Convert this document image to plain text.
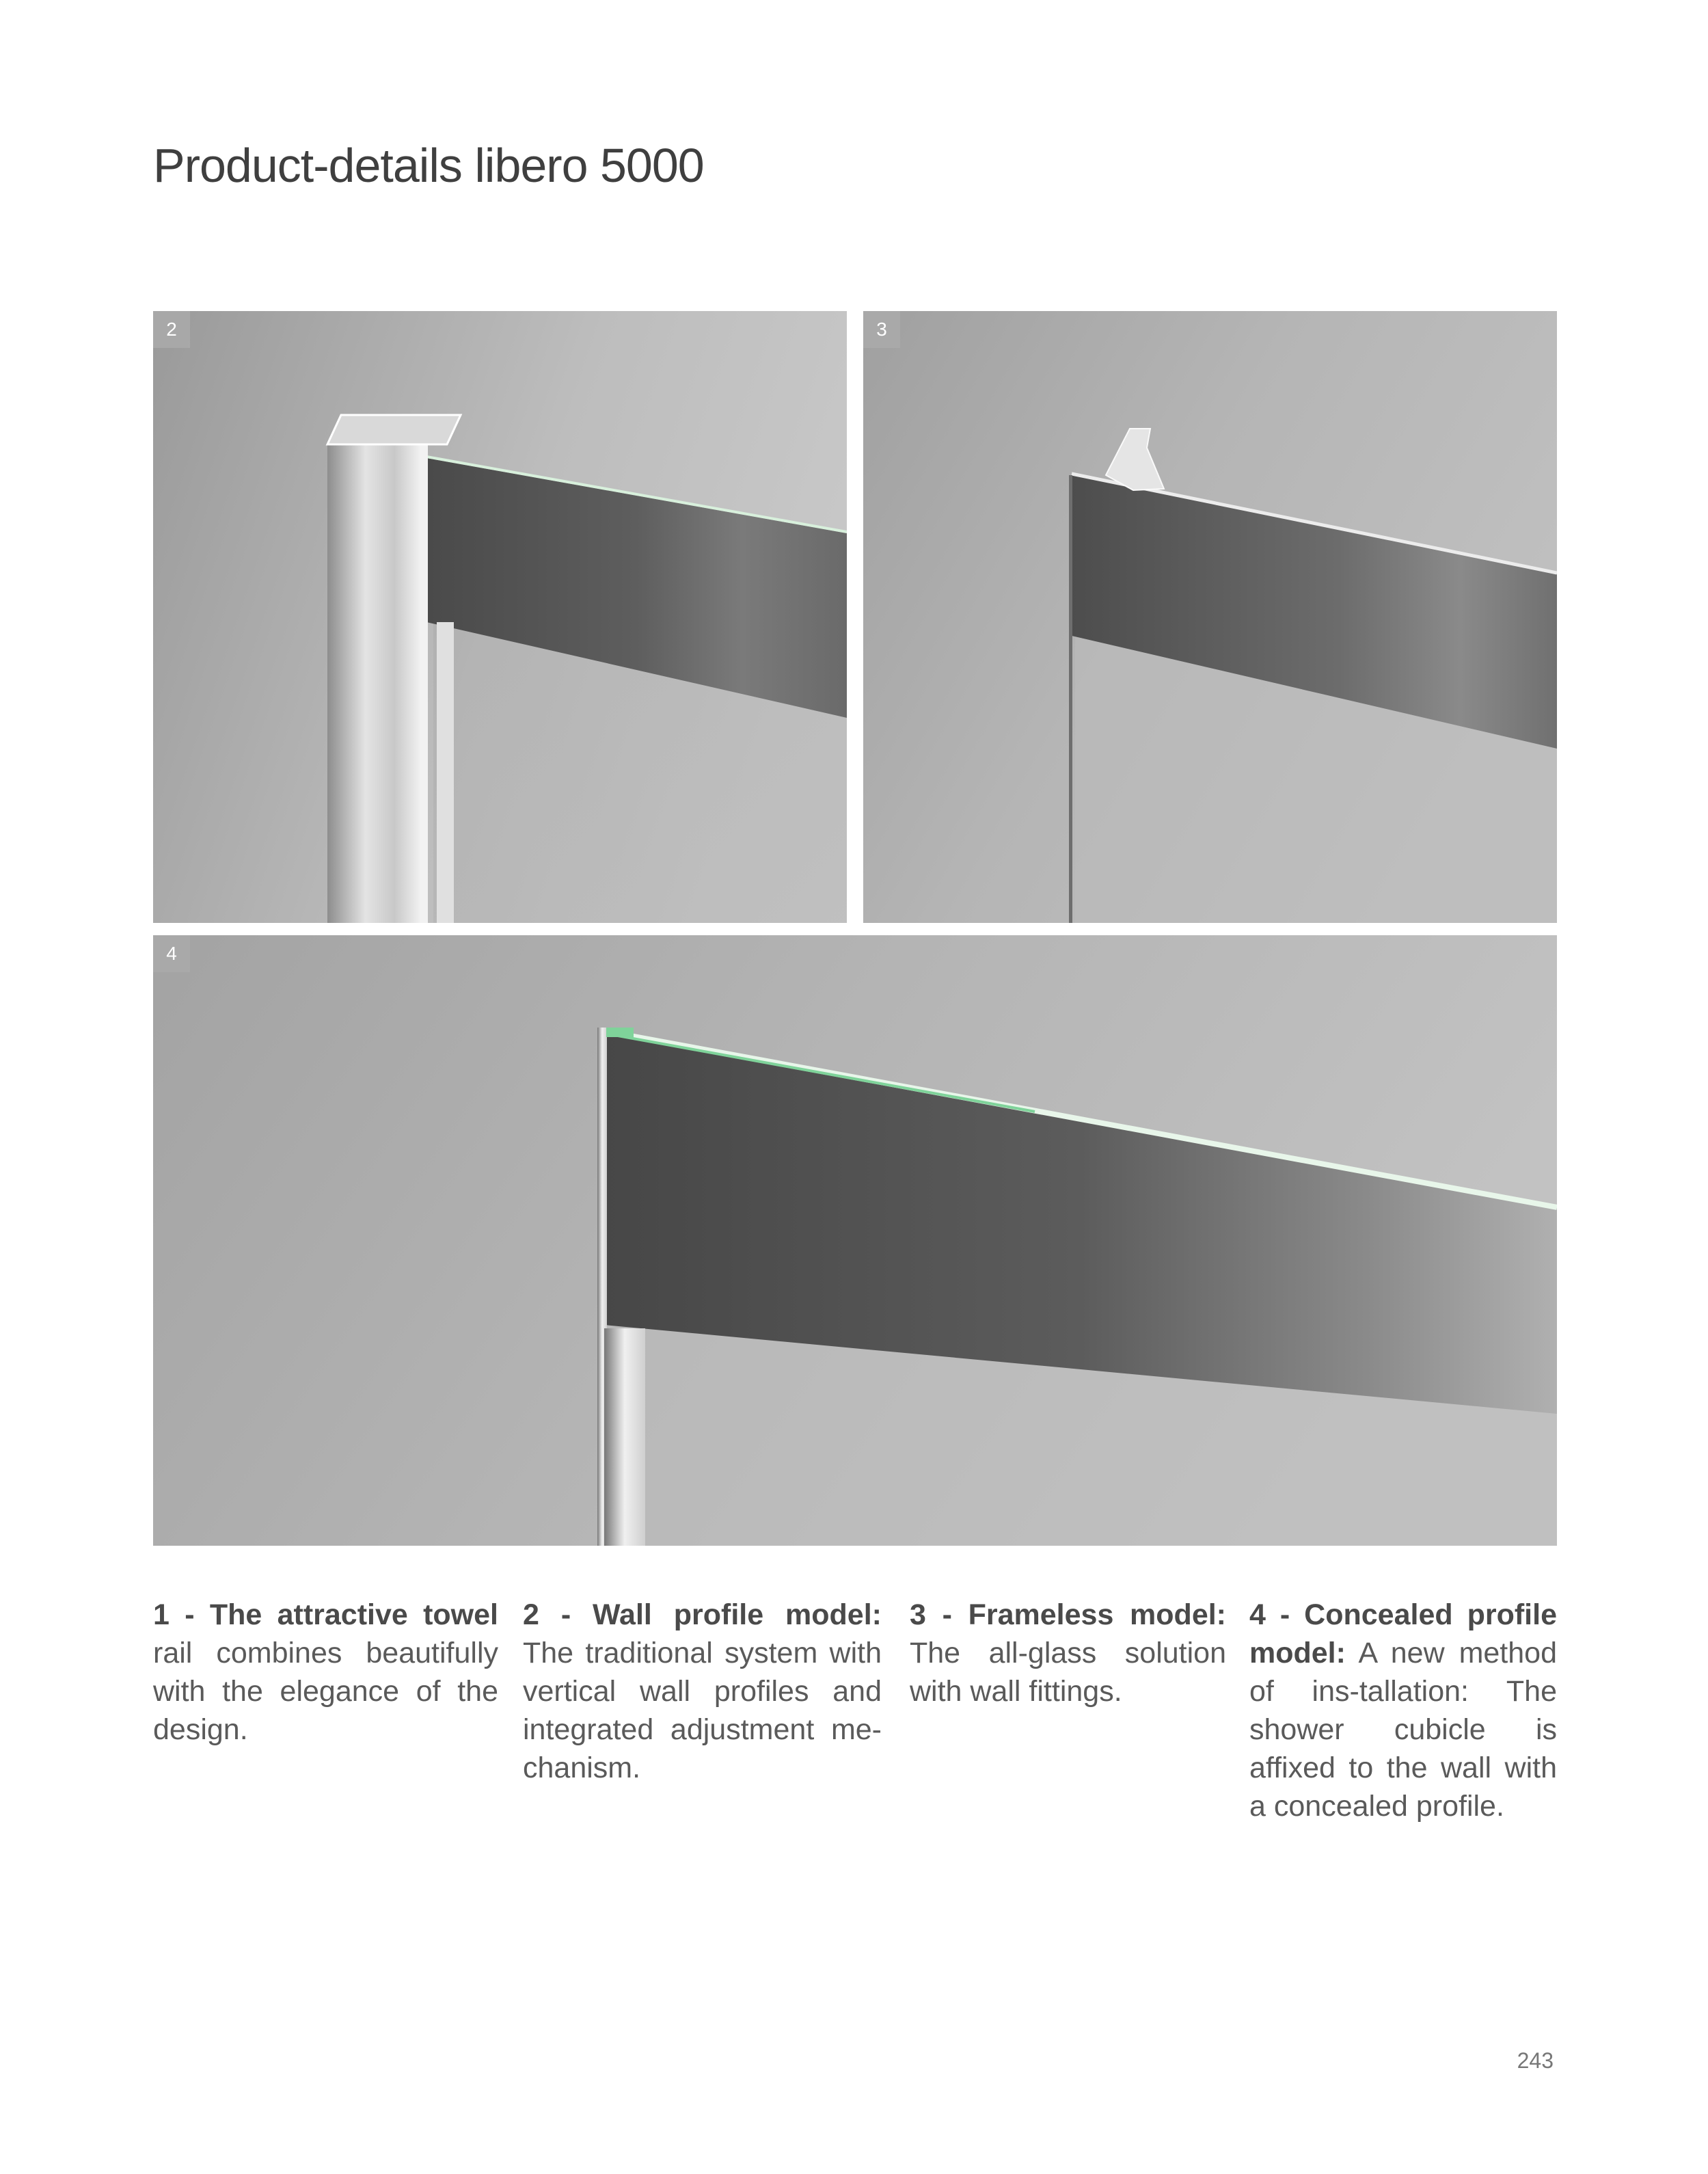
Product-details libero 5000
2	3
4
1 - The attractive towel rail combines beautifully with the elegance of the design.
2 - Wall profile model: The traditional system with vertical wall profiles and integrated adjustment me-chanism.
3 - Frameless model: The all-glass solution with wall fittings.
4 - Concealed profile model: A new method of ins-tallation: The shower cubicle is affixed to the wall with a concealed profile.
243
